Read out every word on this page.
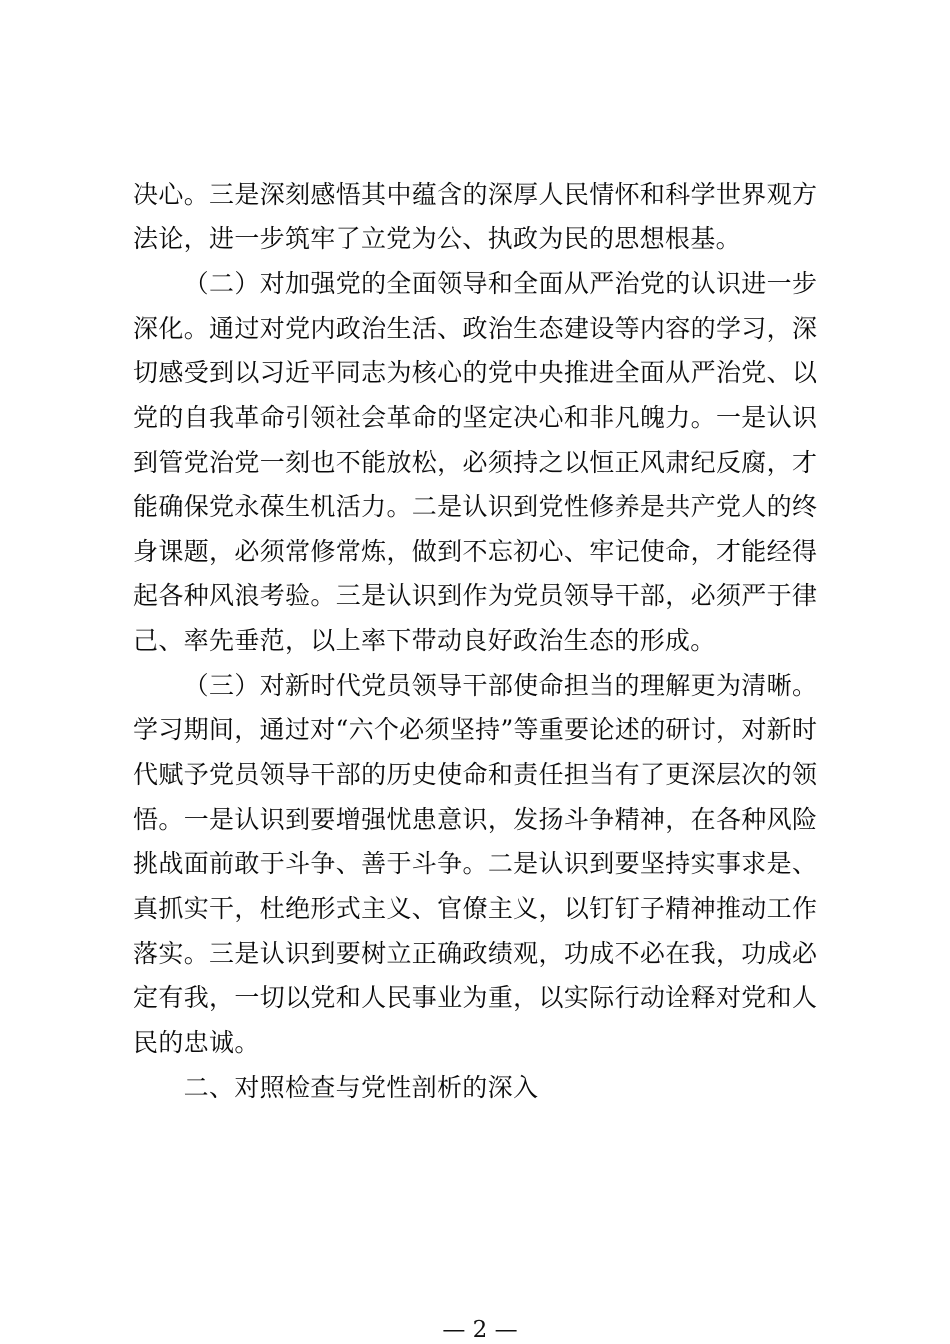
决心。三是深刻感悟其中蕴含的深厚人民情怀和科学世界观方
法论，进一步筑牢了立党为公、执政为民的思想根基。
（二）对加强党的全面领导和全面从严治党的认识进一步
深化。通过对党内政治生活、政治生态建设等内容的学习，深
切感受到以习近平同志为核心的党中央推进全面从严治党、以
党的自我革命引领社会革命的坚定决心和非凡魄力。一是认识
到管党治党一刻也不能放松，必须持之以恒正风肃纪反腐，才
能确保党永葆生机活力。二是认识到党性修养是共产党人的终
身课题，必须常修常炼，做到不忘初心、牢记使命，才能经得
起各种风浪考验。三是认识到作为党员领导干部，必须严于律
己、率先垂范，以上率下带动良好政治生态的形成。
（三）对新时代党员领导干部使命担当的理解更为清晰。
学习期间，通过对“六个必须坚持”等重要论述的研讨，对新时
代赋予党员领导干部的历史使命和责任担当有了更深层次的领
悟。一是认识到要增强忧患意识，发扬斗争精神，在各种风险
挑战面前敢于斗争、善于斗争。二是认识到要坚持实事求是、
真抓实干，杜绝形式主义、官僚主义，以钉钉子精神推动工作
落实。三是认识到要树立正确政绩观，功成不必在我，功成必
定有我，一切以党和人民事业为重，以实际行动诠释对党和人
民的忠诚。
二、对照检查与党性剖析的深入
— 2 —
